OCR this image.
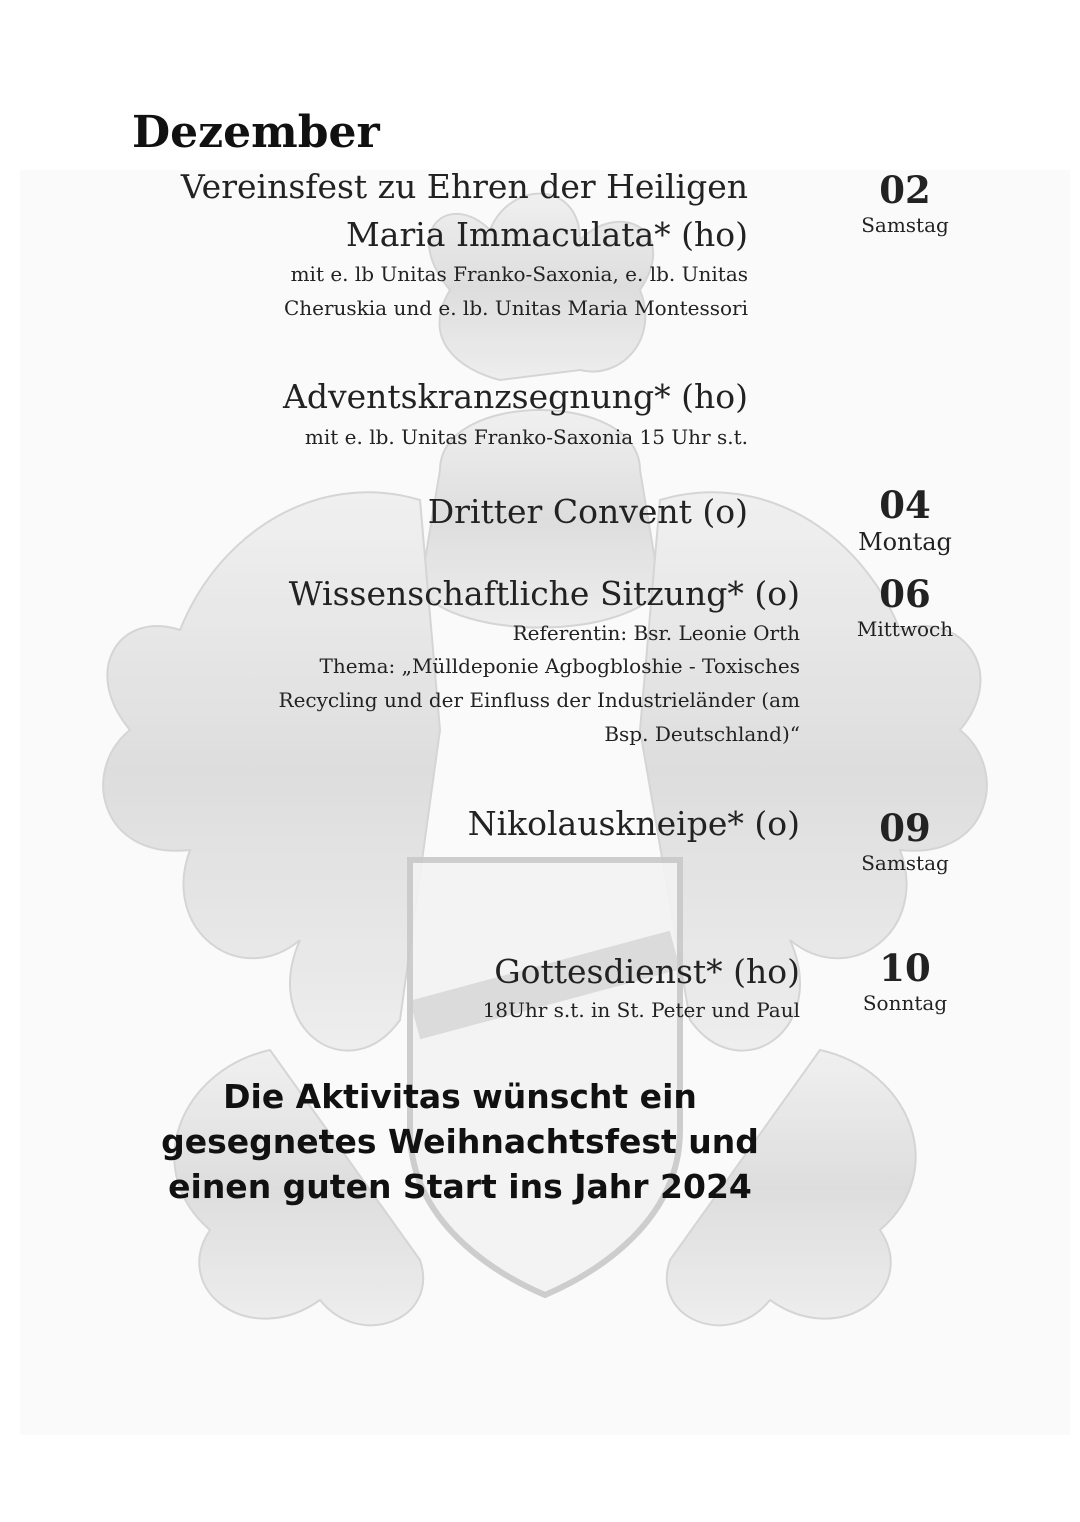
Dezember
Vereinsfest zu Ehren der Heiligen
Maria Immaculata* (ho)
mit e. lb Unitas Franko-Saxonia, e. lb. Unitas
Cheruskia und e. lb. Unitas Maria Montessori
02
Samstag
Adventskranzsegnung* (ho)
mit e. lb. Unitas Franko-Saxonia 15 Uhr s.t.
Dritter Convent (o)	04
Montag
Wissenschaftliche Sitzung* (o)
Referentin: Bsr. Leonie Orth
Thema: „Mülldeponie Agbogbloshie - Toxisches
Recycling und der Einfluss der Industrieländer (am
Bsp. Deutschland)“
06
Mittwoch
Nikolauskneipe* (o)	09
Samstag
Gottesdienst* (ho)
18Uhr s.t. in St. Peter und Paul
10
Sonntag
Die Aktivitas wünscht ein
gesegnetes Weihnachtsfest und
einen guten Start ins Jahr 2024
